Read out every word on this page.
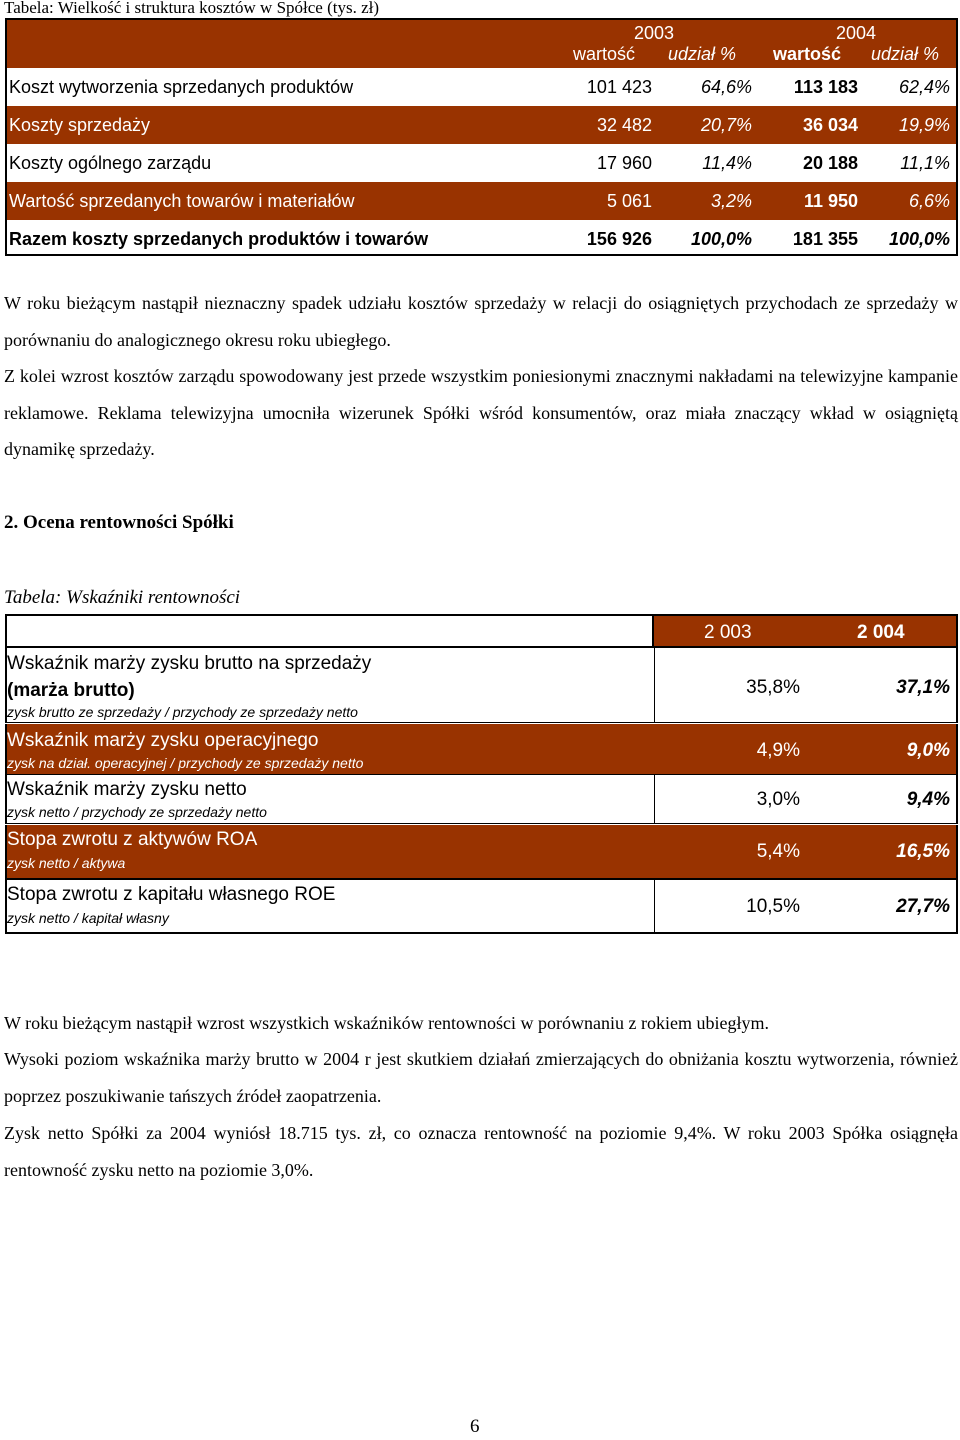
Tabela: Wielkość i struktura kosztów w Spółce (tys. zł)
2003	2004
wartość udział % wartość udział %
Koszt wytworzenia sprzedanych produktów	101 423	64,6% 113 183 62,4%
Koszty sprzedaży	32 482	20,7%	36 034 19,9%
Koszty ogólnego zarządu	17 960	11,4%	20 188 11,1%
Wartość sprzedanych towarów i materiałów	5 061	3,2%	11 950	6,6%
Razem koszty sprzedanych produktów i towarów	156 926 100,0% 181 355 100,0%
W roku bieżącym nastąpił nieznaczny spadek udziału kosztów sprzedaży w relacji do osiągniętych przychodach ze sprzedaży w porównaniu do analogicznego okresu roku ubiegłego.
Z kolei wzrost kosztów zarządu spowodowany jest przede wszystkim poniesionymi znacznymi nakładami na telewizyjne kampanie reklamowe. Reklama telewizyjna umocniła wizerunek Spółki wśród konsumentów, oraz miała znaczący wkład w osiągniętą dynamikę sprzedaży.
2. Ocena rentowności Spółki
Tabela: Wskaźniki rentowności
2 003	2 004
Wskaźnik marży zysku brutto na sprzedaży
(marża brutto)
zysk brutto ze sprzedaży / przychody ze sprzedaży netto
35,8%	37,1%
Wskaźnik marży zysku operacyjnego
zysk na dział. operacyjnej / przychody ze sprzedaży netto
4,9%	9,0%
Wskaźnik marży zysku netto
zysk netto / przychody ze sprzedaży netto
3,0%	9,4%
Stopa zwrotu z aktywów ROA
zysk netto / aktywa
5,4%	16,5%
Stopa zwrotu z kapitału własnego ROE
zysk netto / kapitał własny
10,5%	27,7%
W roku bieżącym nastąpił wzrost wszystkich wskaźników rentowności w porównaniu z rokiem ubiegłym.
Wysoki poziom wskaźnika marży brutto w 2004 r jest skutkiem działań zmierzających do obniżania kosztu wytworzenia, również poprzez poszukiwanie tańszych źródeł zaopatrzenia.
Zysk netto Spółki za 2004 wyniósł 18.715 tys. zł, co oznacza rentowność na poziomie 9,4%. W roku 2003 Spółka osiągnęła rentowność zysku netto na poziomie 3,0%.
6
